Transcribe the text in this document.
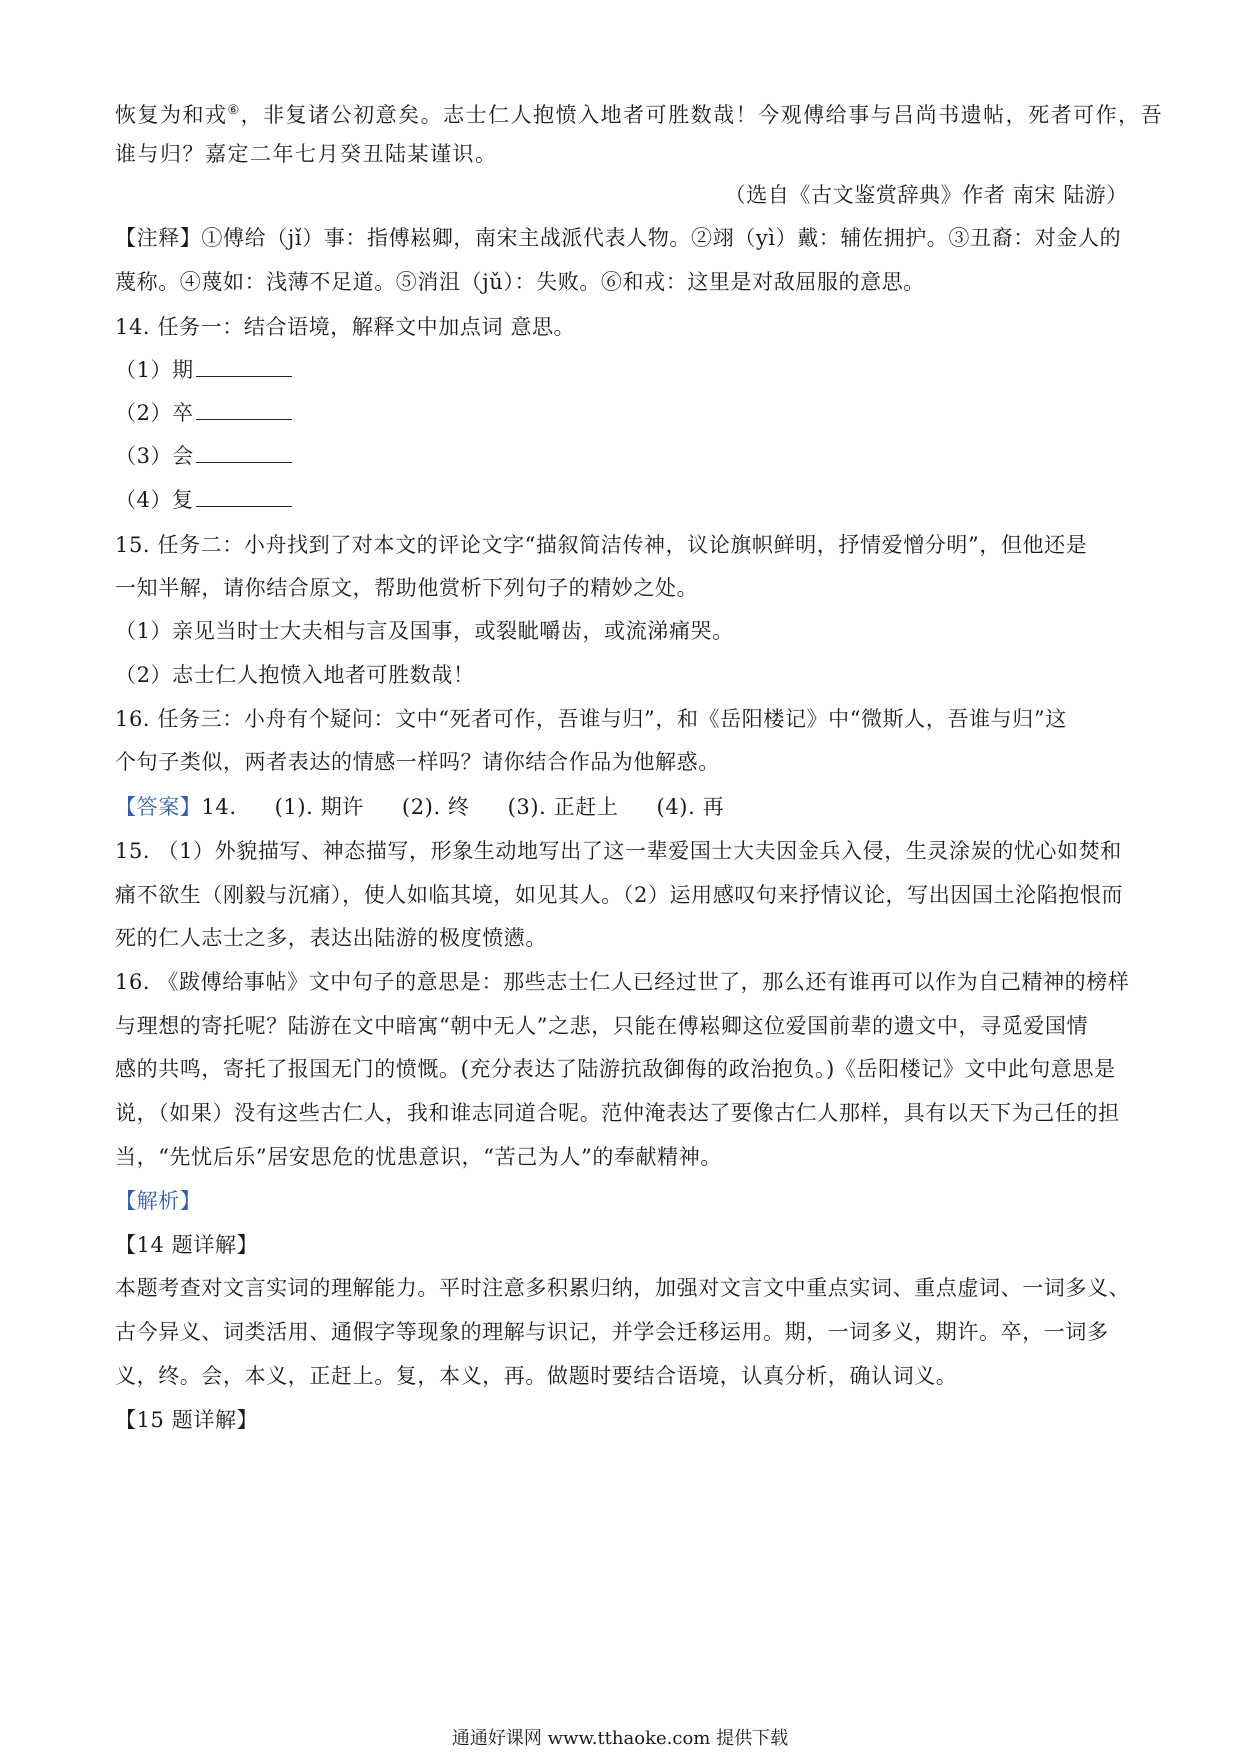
恢复为和戎⑥，非复诸公初意矣。志士仁人抱愤入地者可胜数哉！今观傅给事与吕尚书遗帖，死者可作，吾
谁与归？嘉定二年七月癸丑陆某谨识。
（选自《古文鉴赏辞典》作者 南宋 陆游）
【注释】①傅给（jǐ）事：指傅崧卿，南宋主战派代表人物。②翊（yì）戴：辅佐拥护。③丑裔：对金人的
蔑称。④蔑如：浅薄不足道。⑤消沮（jǔ）：失败。⑥和戎：这里是对敌屈服的意思。
14. 任务一：结合语境，解释文中加点词 意思。
（1）期
（2）卒
（3）会
（4）复
15. 任务二：小舟找到了对本文的评论文字“描叙简洁传神，议论旗帜鲜明，抒情爱憎分明”，但他还是
一知半解，请你结合原文，帮助他赏析下列句子的精妙之处。
（1）亲见当时士大夫相与言及国事，或裂眦嚼齿，或流涕痛哭。
（2）志士仁人抱愤入地者可胜数哉！
16. 任务三：小舟有个疑问：文中“死者可作，吾谁与归”，和《岳阳楼记》中“微斯人，吾谁与归”这
个句子类似，两者表达的情感一样吗？请你结合作品为他解惑。
【答案】14. (1). 期许 (2). 终 (3). 正赶上 (4). 再
15. （1）外貌描写、神态描写，形象生动地写出了这一辈爱国士大夫因金兵入侵，生灵涂炭的忧心如焚和
痛不欲生（刚毅与沉痛），使人如临其境，如见其人。（2）运用感叹句来抒情议论，写出因国土沦陷抱恨而
死的仁人志士之多，表达出陆游的极度愤懑。
16. 《跋傅给事帖》文中句子的意思是：那些志士仁人已经过世了，那么还有谁再可以作为自己精神的榜样
与理想的寄托呢？陆游在文中暗寓“朝中无人”之悲，只能在傅崧卿这位爱国前辈的遗文中，寻觅爱国情
感的共鸣，寄托了报国无门的愤慨。(充分表达了陆游抗敌御侮的政治抱负。)《岳阳楼记》文中此句意思是
说，（如果）没有这些古仁人，我和谁志同道合呢。范仲淹表达了要像古仁人那样，具有以天下为己任的担
当，“先忧后乐”居安思危的忧患意识，“苦己为人”的奉献精神。
【解析】
【14 题详解】
本题考查对文言实词的理解能力。平时注意多积累归纳，加强对文言文中重点实词、重点虚词、一词多义、
古今异义、词类活用、通假字等现象的理解与识记，并学会迁移运用。期，一词多义，期许。卒，一词多
义，终。会，本义，正赶上。复，本义，再。做题时要结合语境，认真分析，确认词义。
【15 题详解】
通通好课网 www.tthaoke.com 提供下载
